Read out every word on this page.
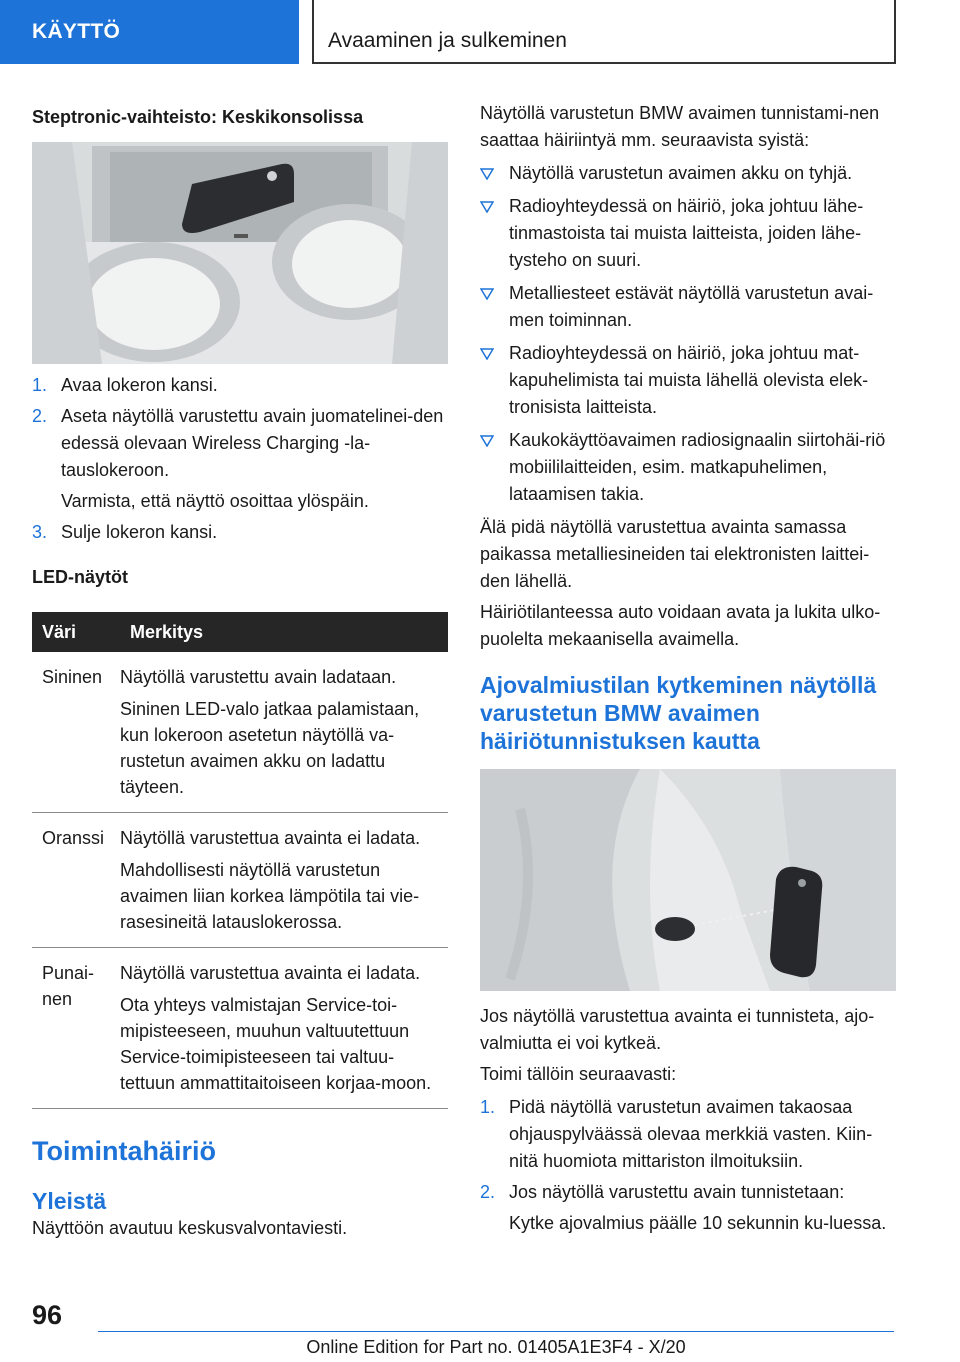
KÄYTTÖ	Avaaminen ja sulkeminen
Steptronic-vaihteisto: Keskikonsolissa
1. Avaa lokeron kansi.
2. Aseta näytöllä varustettu avain juomatelinei-den edessä olevaan Wireless Charging -la-tauslokeroon.
Varmista, että näyttö osoittaa ylöspäin.
3. Sulje lokeron kansi.
LED-näytöt
Väri	Merkitys
Sininen	Näytöllä varustettu avain ladataan.
Sininen LED-valo jatkaa palamistaan, kun lokeroon asetetun näytöllä va-rustetun avaimen akku on ladattu täyteen.

Oranssi	Näytöllä varustettua avainta ei ladata.
Mahdollisesti näytöllä varustetun avaimen liian korkea lämpötila tai vie-rasesineitä latauslokerossa.

Punai-nen	Näytöllä varustettua avainta ei ladata.
Ota yhteys valmistajan Service-toi-mipisteeseen, muuhun valtuutettuun Service-toimipisteeseen tai valtuu-tettuun ammattitaitoiseen korjaa-moon.
Toimintahäiriö
Yleistä
Näyttöön avautuu keskusvalvontaviesti.
Näytöllä varustetun BMW avaimen tunnistami-nen saattaa häiriintyä mm. seuraavista syistä:
Näytöllä varustetun avaimen akku on tyhjä.
Radioyhteydessä on häiriö, joka johtuu lähe-tinmastoista tai muista laitteista, joiden lähe-tysteho on suuri.
Metalliesteet estävät näytöllä varustetun avai-men toiminnan.
Radioyhteydessä on häiriö, joka johtuu mat-kapuhelimista tai muista lähellä olevista elek-tronisista laitteista.
Kaukokäyttöavaimen radiosignaalin siirtohäi-riö mobiililaitteiden, esim. matkapuhelimen, lataamisen takia.
Älä pidä näytöllä varustettua avainta samassa paikassa metalliesineiden tai elektronisten laittei-den lähellä.
Häiriötilanteessa auto voidaan avata ja lukita ulko-puolelta mekaanisella avaimella.
Ajovalmiustilan kytkeminen näytöllä varustetun BMW avaimen häiriötunnistuksen kautta
Jos näytöllä varustettua avainta ei tunnisteta, ajo-valmiutta ei voi kytkeä.
Toimi tällöin seuraavasti:
1. Pidä näytöllä varustetun avaimen takaosaa ohjauspylväässä olevaa merkkiä vasten. Kiin-nitä huomiota mittariston ilmoituksiin.
2. Jos näytöllä varustettu avain tunnistetaan:
Kytke ajovalmius päälle 10 sekunnin ku-luessa.
96
Online Edition for Part no. 01405A1E3F4 - X/20
